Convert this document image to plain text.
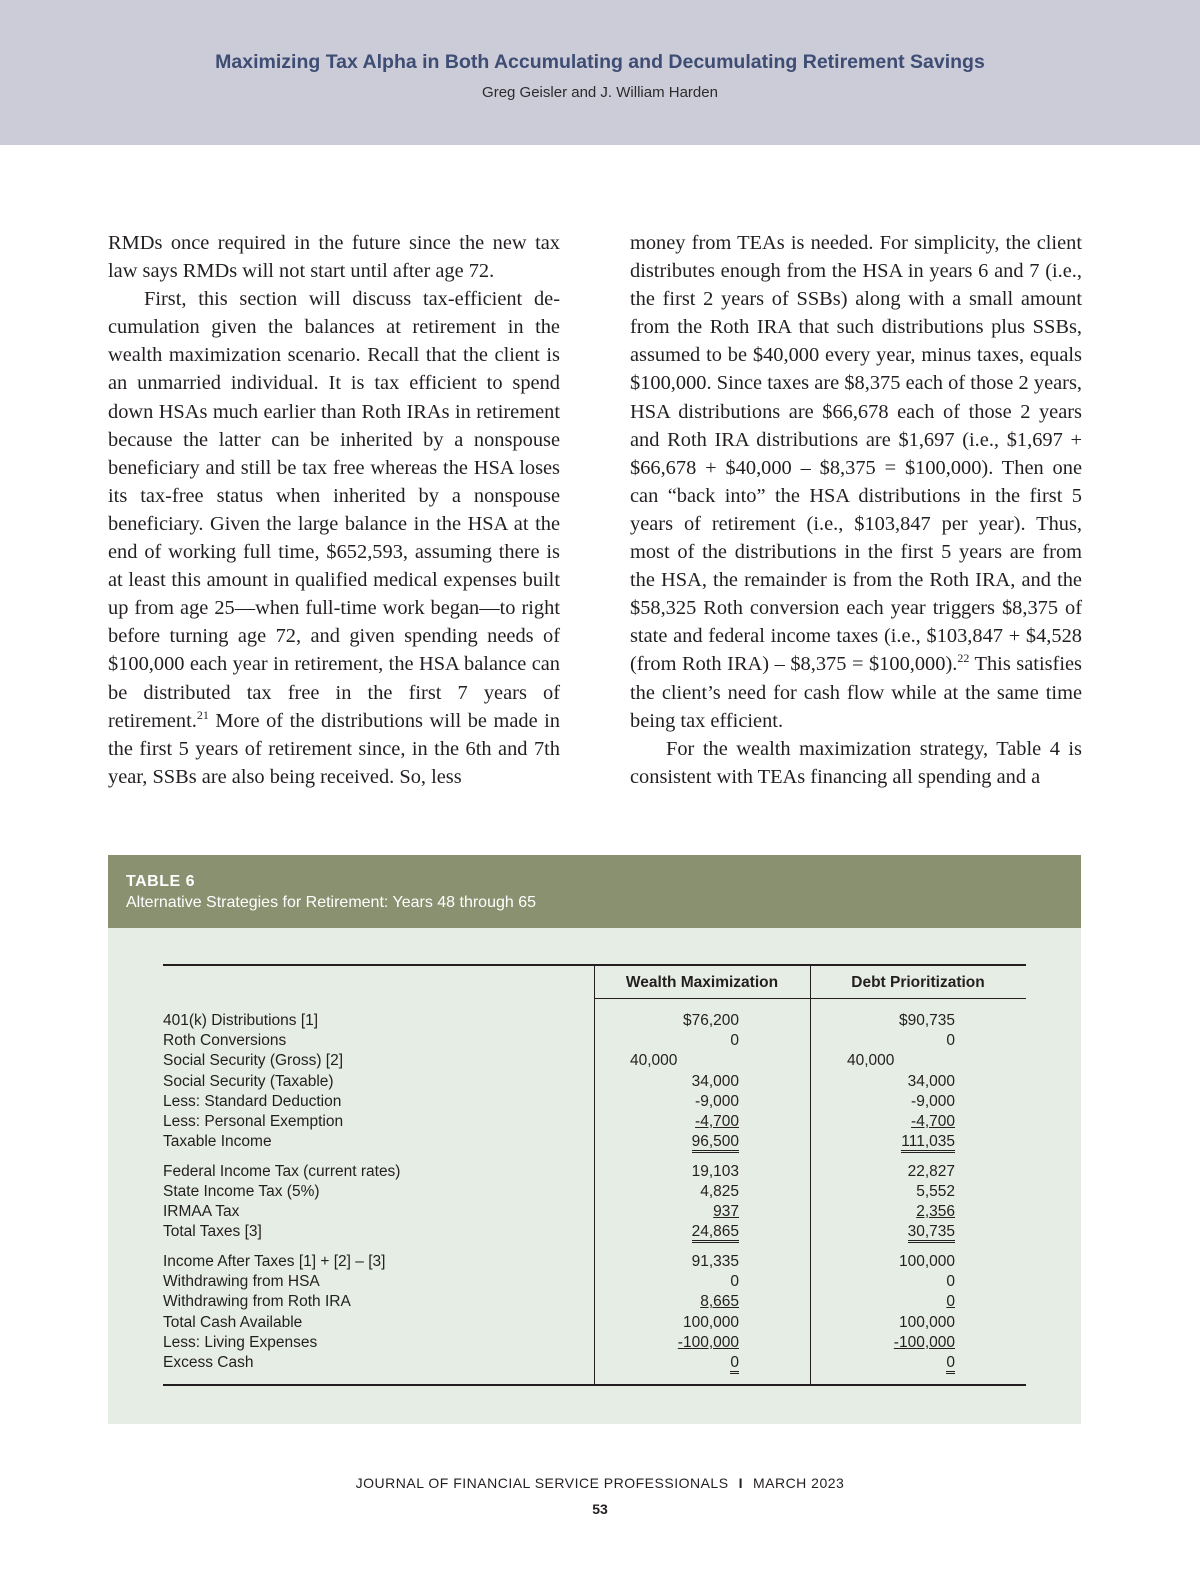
Maximizing Tax Alpha in Both Accumulating and Decumulating Retirement Savings
Greg Geisler and J. William Harden

RMDs once required in the future since the new tax law says RMDs will not start until after age 72.

First, this section will discuss tax-efficient decumulation given the balances at retirement in the wealth maximization scenario. Recall that the client is an unmarried individual. It is tax efficient to spend down HSAs much earlier than Roth IRAs in retirement because the latter can be inherited by a nonspouse beneficiary and still be tax free whereas the HSA loses its tax-free status when inherited by a nonspouse beneficiary. Given the large balance in the HSA at the end of working full time, $652,593, assuming there is at least this amount in qualified medical expenses built up from age 25—when full-time work began—to right before turning age 72, and given spending needs of $100,000 each year in retirement, the HSA balance can be distributed tax free in the first 7 years of retirement.$^{21}$ More of the distributions will be made in the first 5 years of retirement since, in the 6th and 7th year, SSBs are also being received. So, less

money from TEAs is needed. For simplicity, the client distributes enough from the HSA in years 6 and 7 (i.e., the first 2 years of SSBs) along with a small amount from the Roth IRA that such distributions plus SSBs, assumed to be $40,000 every year, minus taxes, equals $100,000. Since taxes are $8,375 each of those 2 years, HSA distributions are $66,678 each of those 2 years and Roth IRA distributions are $1,697 (i.e., $1,697 + $66,678 + $40,000 – $8,375 = $100,000). Then one can “back into” the HSA distributions in the first 5 years of retirement (i.e., $103,847 per year). Thus, most of the distributions in the first 5 years are from the HSA, the remainder is from the Roth IRA, and the $58,325 Roth conversion each year triggers $8,375 of state and federal income taxes (i.e., $103,847 + $4,528 (from Roth IRA) – $8,375 = $100,000).$^{22}$ This satisfies the client’s need for cash flow while at the same time being tax efficient.

For the wealth maximization strategy, Table 4 is consistent with TEAs financing all spending and a

TABLE 6
Alternative Strategies for Retirement: Years 48 through 65
Wealth Maximization	Debt Prioritization
401(k) Distributions [1]	$76,200	$90,735
Roth Conversions	0	0
Social Security (Gross) [2]	40,000	40,000
Social Security (Taxable)	34,000	34,000
Less: Standard Deduction	-9,000	-9,000
Less: Personal Exemption	-4,700	-4,700
Taxable Income	96,500	111,035
Federal Income Tax (current rates)	19,103	22,827
State Income Tax (5%)	4,825	5,552
IRMAA Tax	937	2,356
Total Taxes [3]	24,865	30,735
Income After Taxes [1] + [2] – [3]	91,335	100,000
Withdrawing from HSA	0	0
Withdrawing from Roth IRA	8,665	0
Total Cash Available	100,000	100,000
Less: Living Expenses	-100,000	-100,000
Excess Cash	0	0
JOURNAL OF FINANCIAL SERVICE PROFESSIONALS I MARCH 2023
53
